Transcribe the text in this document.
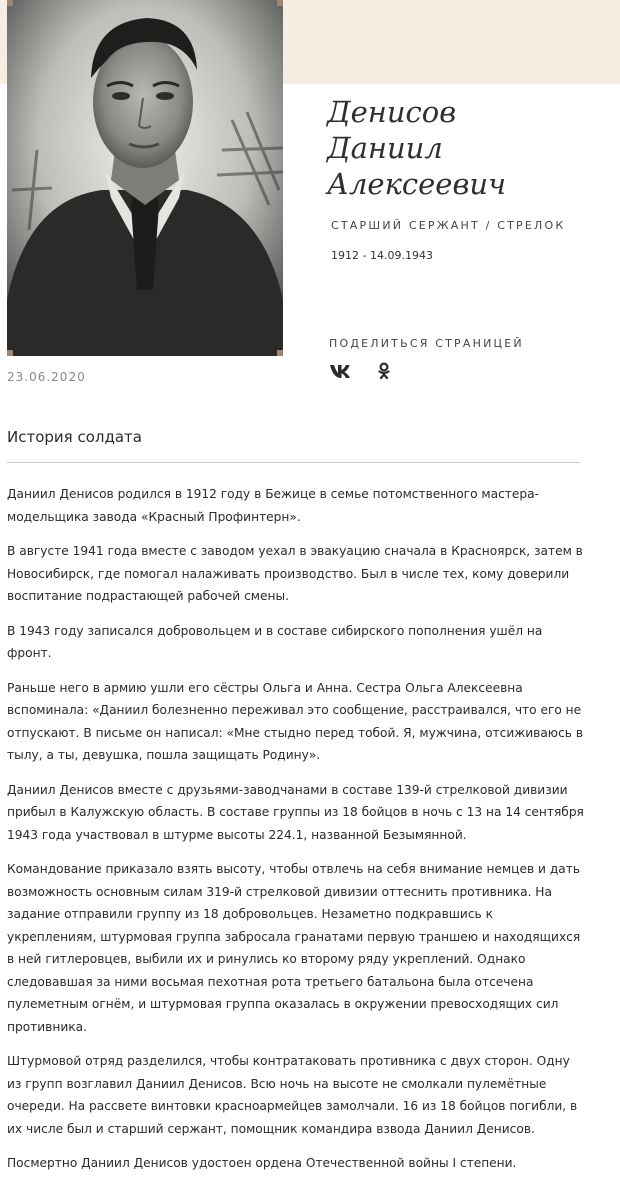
23.06.2020
Денисов
Даниил
Алексеевич
СТАРШИЙ СЕРЖАНТ / СТРЕЛОК
1912 - 14.09.1943
ПОДЕЛИТЬСЯ СТРАНИЦЕЙ
История солдата

Даниил Денисов родился в 1912 году в Бежице в семье потомственного мастера-модельщика завода «Красный Профинтерн».

В августе 1941 года вместе с заводом уехал в эвакуацию сначала в Красноярск, затем в Новосибирск, где помогал налаживать производство. Был в числе тех, кому доверили воспитание подрастающей рабочей смены.

В 1943 году записался добровольцем и в составе сибирского пополнения ушёл на фронт.

Раньше него в армию ушли его сёстры Ольга и Анна. Сестра Ольга Алексеевна вспоминала: «Даниил болезненно переживал это сообщение, расстраивался, что его не отпускают. В письме он написал: «Мне стыдно перед тобой. Я, мужчина, отсиживаюсь в тылу, а ты, девушка, пошла защищать Родину».

Даниил Денисов вместе с друзьями-заводчанами в составе 139-й стрелковой дивизии прибыл в Калужскую область. В составе группы из 18 бойцов в ночь с 13 на 14 сентября 1943 года участвовал в штурме высоты 224.1, названной Безымянной.

Командование приказало взять высоту, чтобы отвлечь на себя внимание немцев и дать возможность основным силам 319-й стрелковой дивизии оттеснить противника. На задание отправили группу из 18 добровольцев. Незаметно подкравшись к укреплениям, штурмовая группа забросала гранатами первую траншею и находящихся в ней гитлеровцев, выбили их и ринулись ко второму ряду укреплений. Однако следовавшая за ними восьмая пехотная рота третьего батальона была отсечена пулеметным огнём, и штурмовая группа оказалась в окружении превосходящих сил противника.

Штурмовой отряд разделился, чтобы контратаковать противника с двух сторон. Одну из групп возглавил Даниил Денисов. Всю ночь на высоте не смолкали пулемётные очереди. На рассвете винтовки красноармейцев замолчали. 16 из 18 бойцов погибли, в их числе был и старший сержант, помощник командира взвода Даниил Денисов.

Посмертно Даниил Денисов удостоен ордена Отечественной войны I степени.
